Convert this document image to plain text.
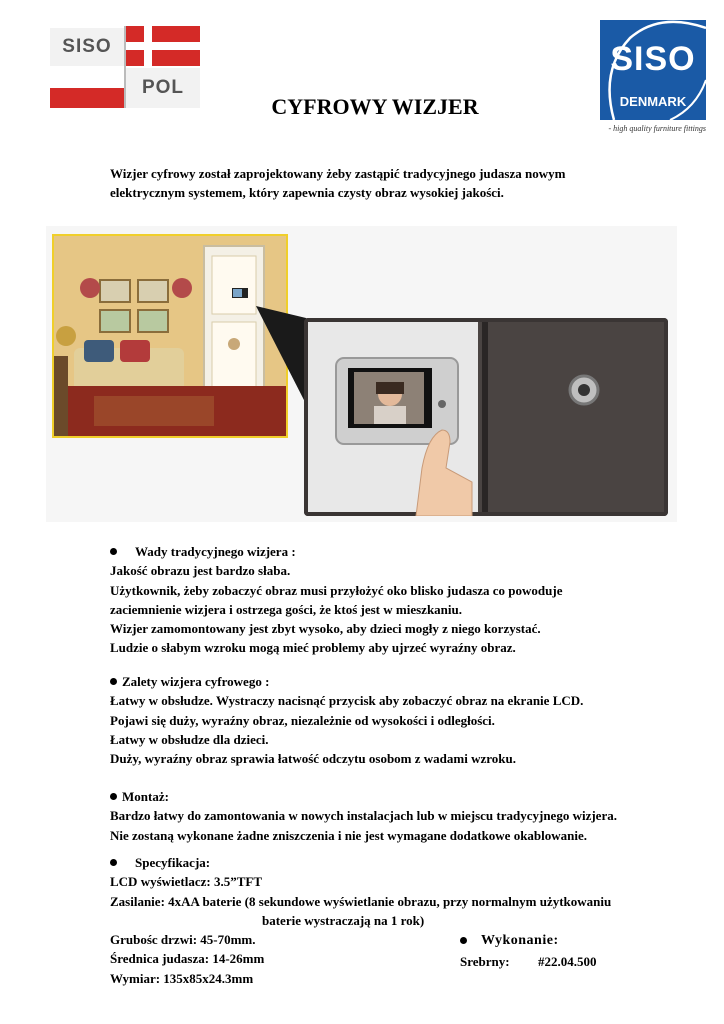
SISO
POL
SISO
DENMARK
- high quality furniture fittings
CYFROWY WIZJER
Wizjer cyfrowy został zaprojektowany żeby zastąpić tradycyjnego judasza nowym
elektrycznym systemem, który zapewnia czysty obraz wysokiej jakości.
Wady tradycyjnego wizjera :

Jakość obrazu jest bardzo słaba.

Użytkownik, żeby zobaczyć obraz musi przyłożyć oko blisko judasza co powoduje

zaciemnienie wizjera i ostrzega gości, że ktoś jest w mieszkaniu.

Wizjer zamomontowany jest zbyt wysoko, aby dzieci mogły z niego korzystać.

Ludzie o słabym wzroku mogą mieć problemy aby ujrzeć wyraźny obraz.

Zalety wizjera cyfrowego :

Łatwy w obsłudze. Wystraczy nacisnąć przycisk aby zobaczyć obraz na ekranie LCD.

Pojawi się duży, wyraźny obraz, niezależnie od wysokości i odległości.

Łatwy w obsłudze dla dzieci.

Duży, wyraźny obraz sprawia łatwość odczytu osobom z wadami wzroku.

Montaż:

Bardzo łatwy do zamontowania w nowych instalacjach lub w miejscu tradycyjnego wizjera.

Nie zostaną wykonane żadne zniszczenia i nie jest wymagane dodatkowe okablowanie.

Specyfikacja:

LCD wyświetlacz: 3.5”TFT

Zasilanie: 4xAA baterie (8 sekundowe wyświetlanie obrazu, przy normalnym użytkowaniu

baterie wystraczają na 1 rok)

Grubośc drzwi: 45-70mm.

Średnica judasza: 14-26mm

Wymiar: 135x85x24.3mm

Wykonanie:
Srebrny: #22.04.500
